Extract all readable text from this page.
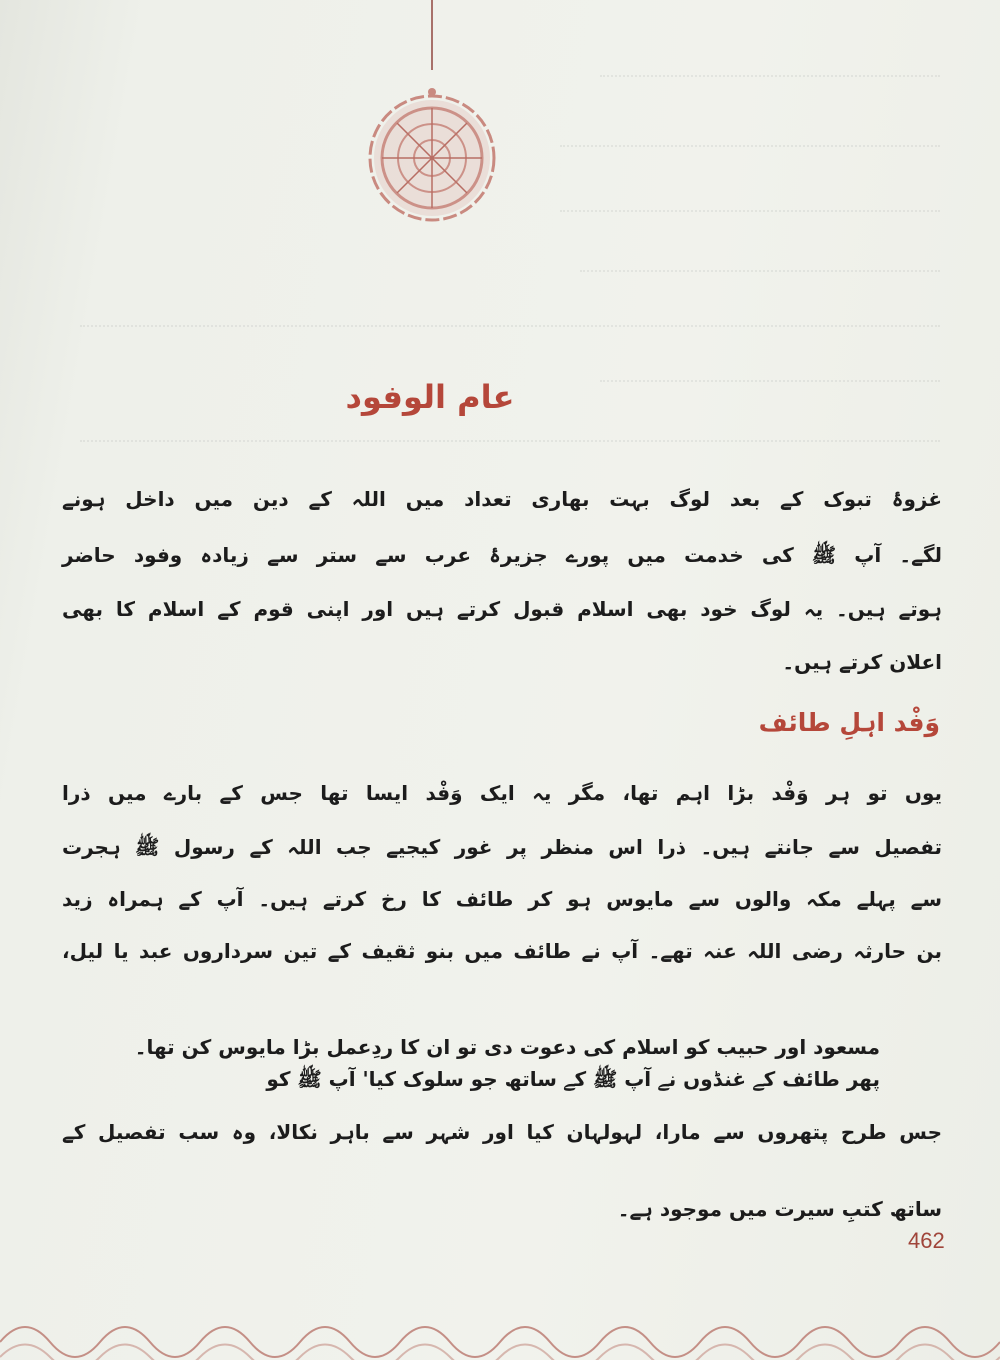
عام الوفود
غزوۂ تبوک کے بعد لوگ بہت بھاری تعداد میں اللہ کے دین میں داخل ہونے
لگے۔ آپ ﷺ کی خدمت میں پورے جزیرۂ عرب سے ستر سے زیادہ وفود حاضر
ہوتے ہیں۔ یہ لوگ خود بھی اسلام قبول کرتے ہیں اور اپنی قوم کے اسلام کا بھی
اعلان کرتے ہیں۔
وَفْد اہلِ طائف
یوں تو ہر وَفْد بڑا اہم تھا، مگر یہ ایک وَفْد ایسا تھا جس کے بارے میں ذرا
تفصیل سے جانتے ہیں۔ ذرا اس منظر پر غور کیجیے جب اللہ کے رسول ﷺ ہجرت
سے پہلے مکہ والوں سے مایوس ہو کر طائف کا رخ کرتے ہیں۔ آپ کے ہمراہ زید
بن حارثہ رضی اللہ عنہ تھے۔ آپ نے طائف میں بنو ثقیف کے تین سرداروں عبد یا لیل،
مسعود اور حبیب کو اسلام کی دعوت دی تو ان کا ردِعمل بڑا مایوس کن تھا۔
پھر طائف کے غنڈوں نے آپ ﷺ کے ساتھ جو سلوک کیا' آپ ﷺ کو
جس طرح پتھروں سے مارا، لہولہان کیا اور شہر سے باہر نکالا، وہ سب تفصیل کے
ساتھ کتبِ سیرت میں موجود ہے۔
462
